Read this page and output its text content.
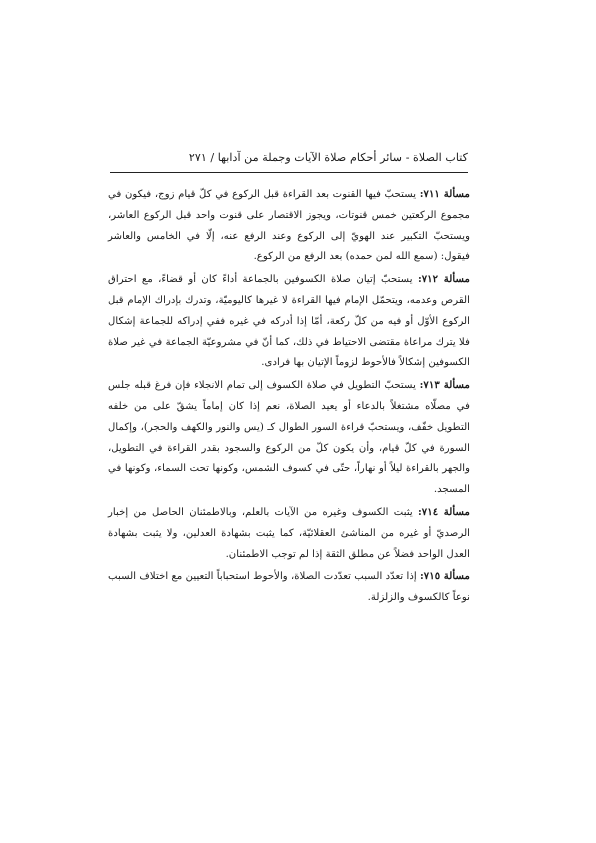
كتاب الصلاة - سائر أحكام صلاة الآيات وجملة من آدابها / ٢٧١

مسألة ٧١١: يستحبّ فيها القنوت بعد القراءة قبل الركوع في كلّ قيام زوج، فيكون في مجموع الركعتين خمس قنوتات، ويجوز الاقتصار على قنوت واحد قبل الركوع العاشر، ويستحبّ التكبير عند الهويّ إلى الركوع وعند الرفع عنه، إلّا في الخامس والعاشر فيقول: (سمع الله لمن حمده) بعد الرفع من الركوع.

مسألة ٧١٢: يستحبّ إتيان صلاة الكسوفين بالجماعة أداءً كان أو قضاءً، مع احتراق القرص وعدمه، ويتحمّل الإمام فيها القراءة لا غيرها كاليوميّة، وتدرك بإدراك الإمام قبل الركوع الأوّل أو فيه من كلّ ركعة، أمّا إذا أدركه في غيره ففي إدراكه للجماعة إشكال فلا يترك مراعاة مقتضى الاحتياط في ذلك، كما أنّ في مشروعيّة الجماعة في غير صلاة الكسوفين إشكالاً فالأحوط لزوماً الإتيان بها فرادى.

مسألة ٧١٣: يستحبّ التطويل في صلاة الكسوف إلى تمام الانجلاء فإن فرغ قبله جلس في مصلّاه مشتغلاً بالدعاء أو يعيد الصلاة، نعم إذا كان إماماً يشقّ على من خلفه التطويل خفّف، ويستحبّ قراءة السور الطوال كـ (يس والنور والكهف والحجر)، وإكمال السورة في كلّ قيام، وأن يكون كلّ من الركوع والسجود بقدر القراءة في التطويل، والجهر بالقراءة ليلاً أو نهاراً، حتّى في كسوف الشمس، وكونها تحت السماء، وكونها في المسجد.

مسألة ٧١٤: يثبت الكسوف وغيره من الآيات بالعلم، وبالاطمئنان الحاصل من إخبار الرصديّ أو غيره من المناشئ العقلائيّة، كما يثبت بشهادة العدلين، ولا يثبت بشهادة العدل الواحد فضلاً عن مطلق الثقة إذا لم توجب الاطمئنان.

مسألة ٧١٥: إذا تعدّد السبب تعدّدت الصلاة، والأحوط استحباباً التعيين مع اختلاف السبب نوعاً كالكسوف والزلزلة.
